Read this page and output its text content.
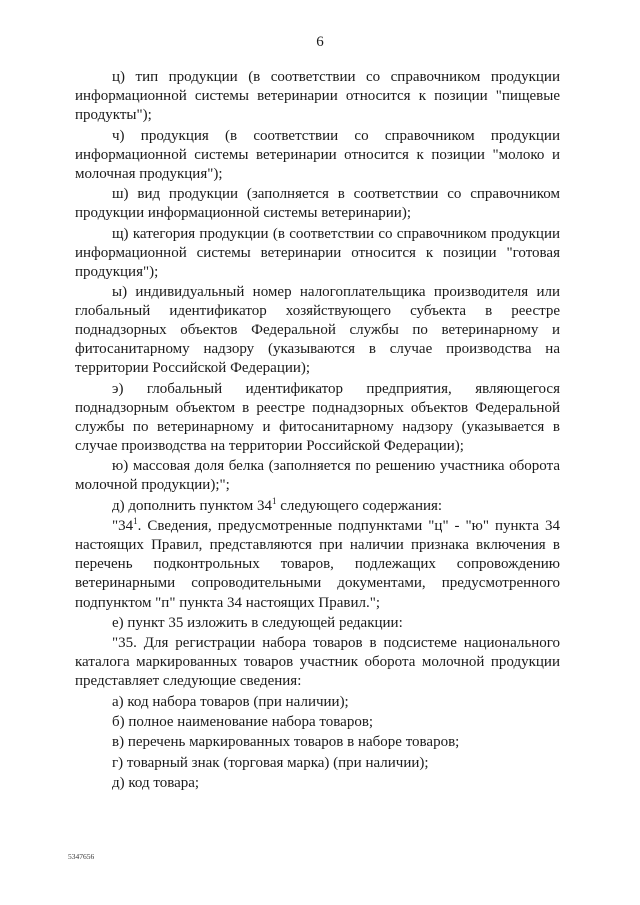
6

ц) тип продукции (в соответствии со справочником продукции информационной системы ветеринарии относится к позиции "пищевые продукты");

ч) продукция (в соответствии со справочником продукции информационной системы ветеринарии относится к позиции "молоко и молочная продукция");

ш) вид продукции (заполняется в соответствии со справочником продукции информационной системы ветеринарии);

щ) категория продукции (в соответствии со справочником продукции информационной системы ветеринарии относится к позиции "готовая продукция");

ы) индивидуальный номер налогоплательщика производителя или глобальный идентификатор хозяйствующего субъекта в реестре поднадзорных объектов Федеральной службы по ветеринарному и фитосанитарному надзору (указываются в случае производства на территории Российской Федерации);

э) глобальный идентификатор предприятия, являющегося поднадзорным объектом в реестре поднадзорных объектов Федеральной службы по ветеринарному и фитосанитарному надзору (указывается в случае производства на территории Российской Федерации);

ю) массовая доля белка (заполняется по решению участника оборота молочной продукции);";

д) дополнить пунктом $34^1$ следующего содержания:

"$34^1$. Сведения, предусмотренные подпунктами "ц" - "ю" пункта 34 настоящих Правил, представляются при наличии признака включения в перечень подконтрольных товаров, подлежащих сопровождению ветеринарными сопроводительными документами, предусмотренного подпунктом "п" пункта 34 настоящих Правил.";

е) пункт 35 изложить в следующей редакции:

"35. Для регистрации набора товаров в подсистеме национального каталога маркированных товаров участник оборота молочной продукции представляет следующие сведения:

а) код набора товаров (при наличии);

б) полное наименование набора товаров;

в) перечень маркированных товаров в наборе товаров;

г) товарный знак (торговая марка) (при наличии);

д) код товара;

5347656
